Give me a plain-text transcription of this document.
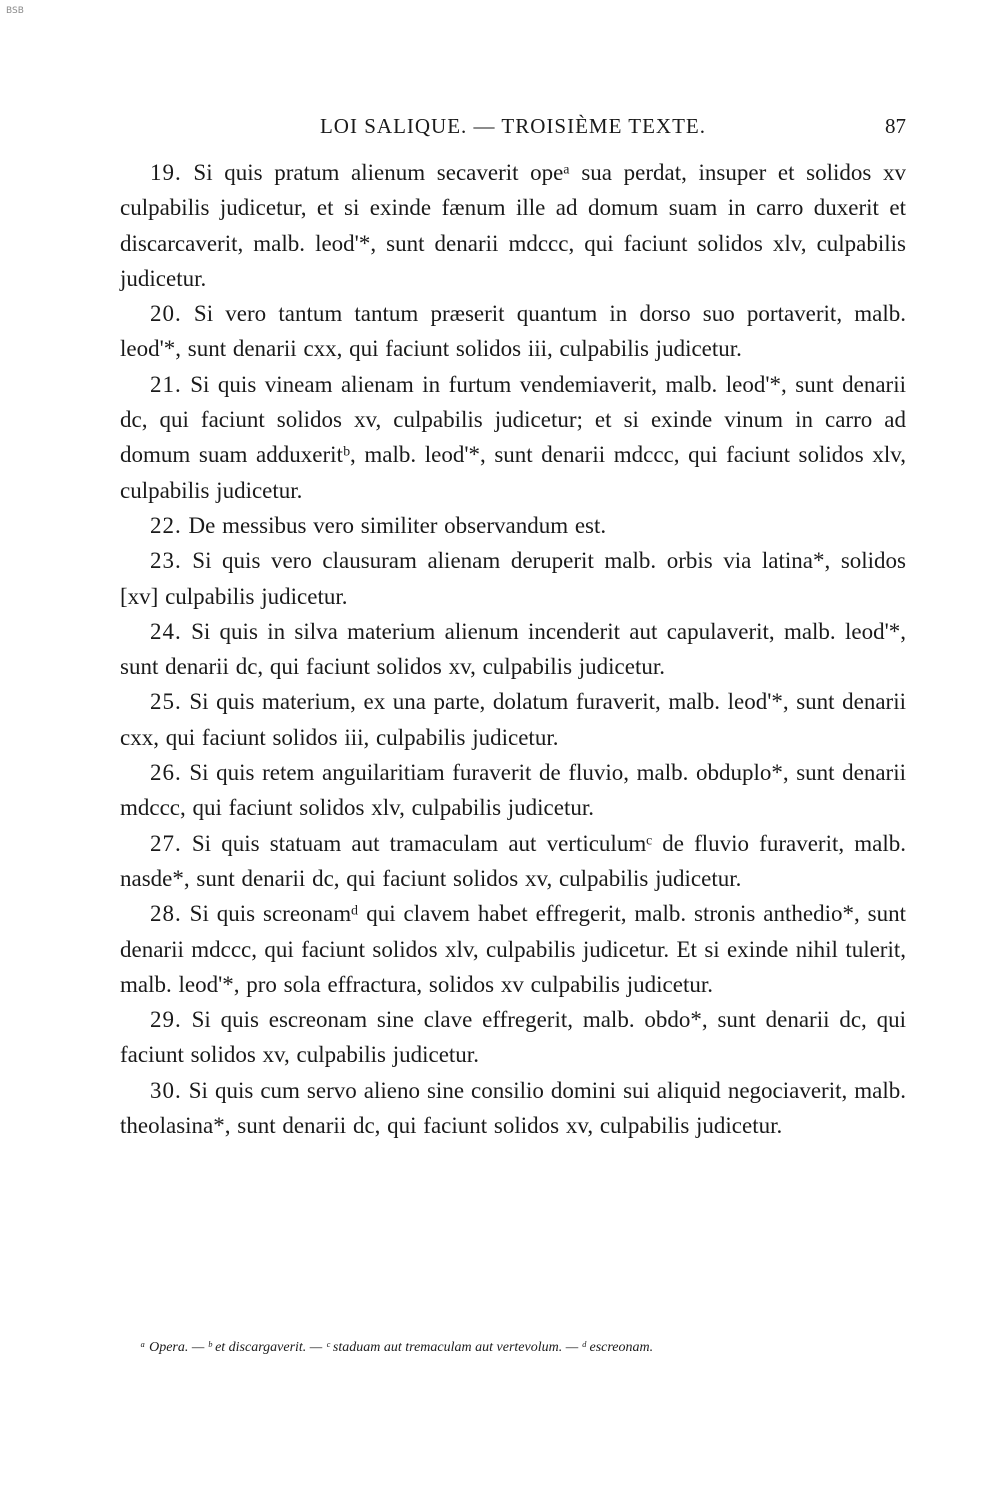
BSB
LOI SALIQUE. — TROISIÈME TEXTE.	87

19. Si quis pratum alienum secaverit opeᵃ sua perdat, insuper et solidos xv culpabilis judicetur, et si exinde fænum ille ad domum suam in carro duxerit et discarcaverit, malb. leod'*, sunt denarii mdccc, qui faciunt solidos xlv, culpabilis judicetur.

20. Si vero tantum tantum præserit quantum in dorso suo portaverit, malb. leod'*, sunt denarii cxx, qui faciunt solidos iii, culpabilis judicetur.

21. Si quis vineam alienam in furtum vendemiaverit, malb. leod'*, sunt denarii dc, qui faciunt solidos xv, culpabilis judicetur; et si exinde vinum in carro ad domum suam adduxeritᵇ, malb. leod'*, sunt denarii mdccc, qui faciunt solidos xlv, culpabilis judicetur.

22. De messibus vero similiter observandum est.

23. Si quis vero clausuram alienam deruperit malb. orbis via latina*, solidos [xv] culpabilis judicetur.

24. Si quis in silva materium alienum incenderit aut capulaverit, malb. leod'*, sunt denarii dc, qui faciunt solidos xv, culpabilis judicetur.

25. Si quis materium, ex una parte, dolatum furaverit, malb. leod'*, sunt denarii cxx, qui faciunt solidos iii, culpabilis judicetur.

26. Si quis retem anguilaritiam furaverit de fluvio, malb. obduplo*, sunt denarii mdccc, qui faciunt solidos xlv, culpabilis judicetur.

27. Si quis statuam aut tramaculam aut verticulumᶜ de fluvio furaverit, malb. nasde*, sunt denarii dc, qui faciunt solidos xv, culpabilis judicetur.

28. Si quis screonamᵈ qui clavem habet effregerit, malb. stronis anthedio*, sunt denarii mdccc, qui faciunt solidos xlv, culpabilis judicetur. Et si exinde nihil tulerit, malb. leod'*, pro sola effractura, solidos xv culpabilis judicetur.

29. Si quis escreonam sine clave effregerit, malb. obdo*, sunt denarii dc, qui faciunt solidos xv, culpabilis judicetur.

30. Si quis cum servo alieno sine consilio domini sui aliquid negociaverit, malb. theolasina*, sunt denarii dc, qui faciunt solidos xv, culpabilis judicetur.

ᵃ Opera. — ᵇ et discargaverit. — ᶜ staduam aut tremaculam aut vertevolum. — ᵈ escreonam.
